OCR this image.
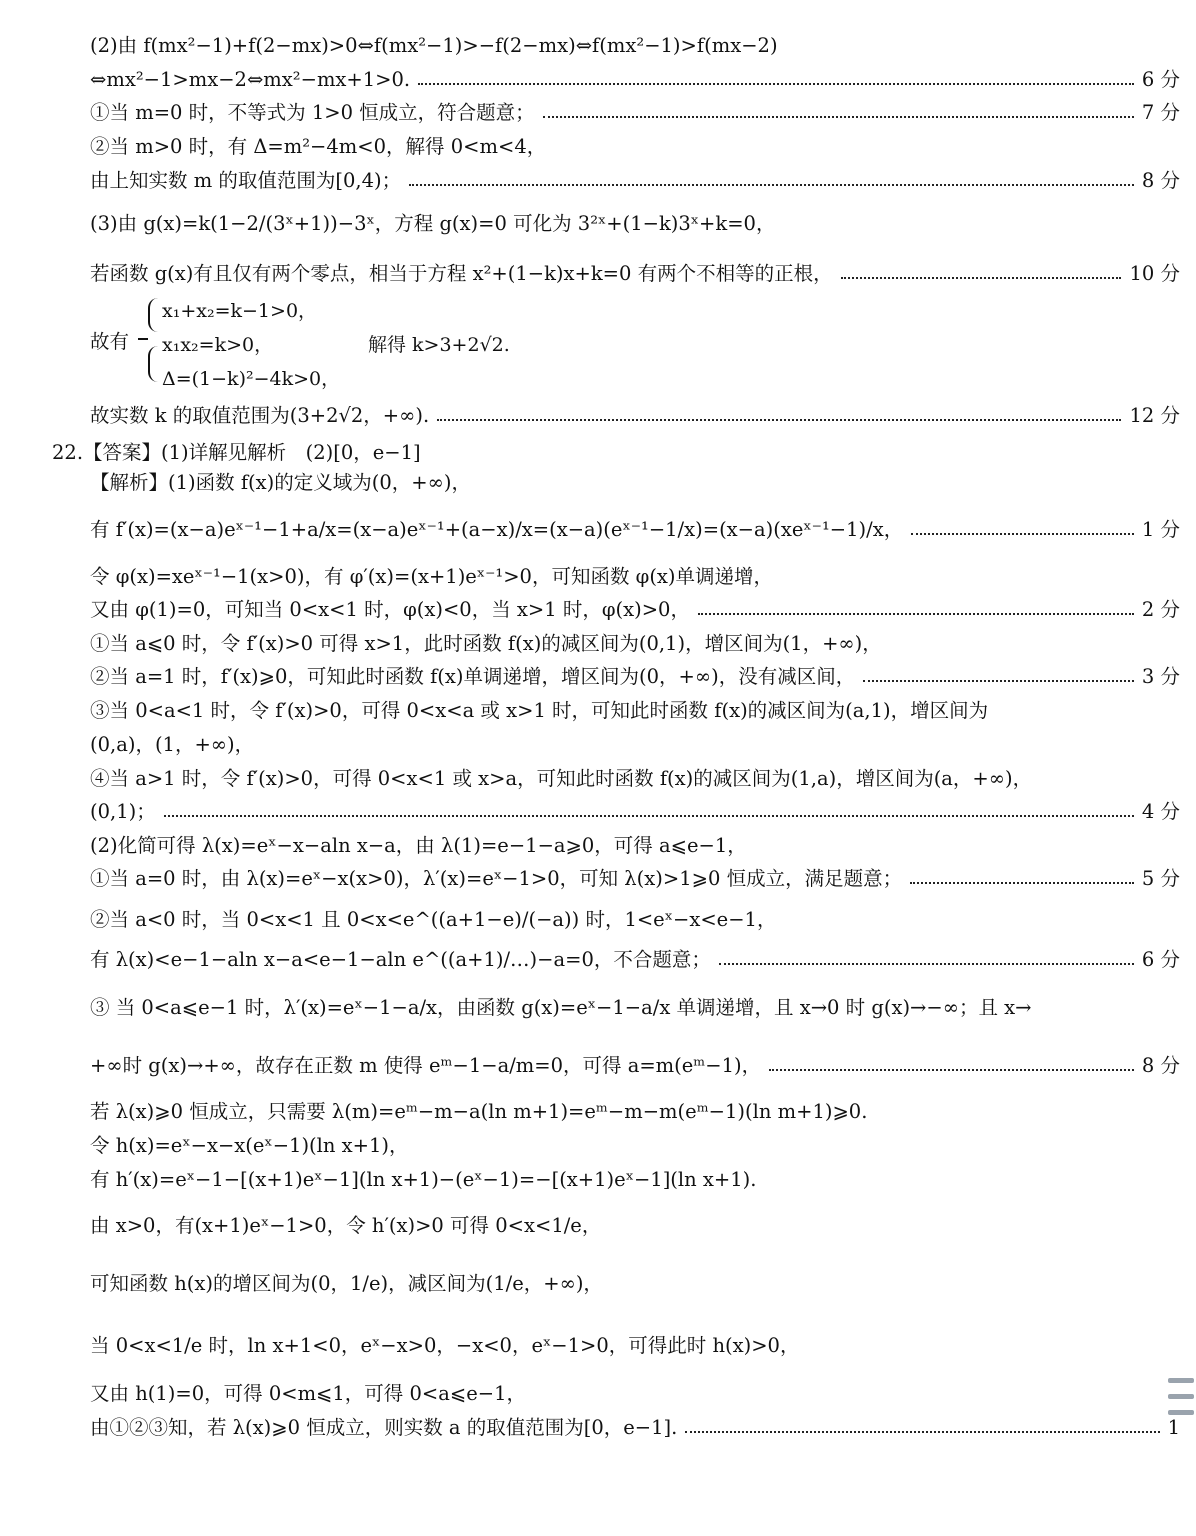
(2)由 f(mx²−1)+f(2−mx)>0⇔f(mx²−1)>−f(2−mx)⇔f(mx²−1)>f(mx−2)
⇔mx²−1>mx−2⇔mx²−mx+1>0.	6 分
①当 m=0 时，不等式为 1>0 恒成立，符合题意；	7 分
②当 m>0 时，有 Δ=m²−4m<0，解得 0<m<4，
由上知实数 m 的取值范围为[0,4)；	8 分
(3)由 g(x)=k(1−2/(3ˣ+1))−3ˣ，方程 g(x)=0 可化为 3²ˣ+(1−k)3ˣ+k=0，
若函数 g(x)有且仅有两个零点，相当于方程 x²+(1−k)x+k=0 有两个不相等的正根，	10 分
故有
x₁+x₂=k−1>0，
x₁x₂=k>0，
Δ=(1−k)²−4k>0，
解得 k>3+2√2.
故实数 k 的取值范围为(3+2√2，+∞).	12 分
22.【答案】(1)详解见解析　(2)[0，e−1]
【解析】(1)函数 f(x)的定义域为(0，+∞)，
有 f′(x)=(x−a)eˣ⁻¹−1+a/x=(x−a)eˣ⁻¹+(a−x)/x=(x−a)(eˣ⁻¹−1/x)=(x−a)(xeˣ⁻¹−1)/x，	1 分
令 φ(x)=xeˣ⁻¹−1(x>0)，有 φ′(x)=(x+1)eˣ⁻¹>0，可知函数 φ(x)单调递增，
又由 φ(1)=0，可知当 0<x<1 时，φ(x)<0，当 x>1 时，φ(x)>0，	2 分
①当 a⩽0 时，令 f′(x)>0 可得 x>1，此时函数 f(x)的减区间为(0,1)，增区间为(1，+∞)，
②当 a=1 时，f′(x)⩾0，可知此时函数 f(x)单调递增，增区间为(0，+∞)，没有减区间，	3 分
③当 0<a<1 时，令 f′(x)>0，可得 0<x<a 或 x>1 时，可知此时函数 f(x)的减区间为(a,1)，增区间为
(0,a)，(1，+∞)，
④当 a>1 时，令 f′(x)>0，可得 0<x<1 或 x>a，可知此时函数 f(x)的减区间为(1,a)，增区间为(a，+∞)，
(0,1)；	4 分
(2)化简可得 λ(x)=eˣ−x−aln x−a，由 λ(1)=e−1−a⩾0，可得 a⩽e−1，
①当 a=0 时，由 λ(x)=eˣ−x(x>0)，λ′(x)=eˣ−1>0，可知 λ(x)>1⩾0 恒成立，满足题意；	5 分
②当 a<0 时，当 0<x<1 且 0<x<e^((a+1−e)/(−a)) 时，1<eˣ−x<e−1，
有 λ(x)<e−1−aln x−a<e−1−aln e^((a+1)/…)−a=0，不合题意；	6 分
③ 当 0<a⩽e−1 时，λ′(x)=eˣ−1−a/x，由函数 g(x)=eˣ−1−a/x 单调递增，且 x→0 时 g(x)→−∞；且 x→
+∞时 g(x)→+∞，故存在正数 m 使得 eᵐ−1−a/m=0，可得 a=m(eᵐ−1)，	8 分
若 λ(x)⩾0 恒成立，只需要 λ(m)=eᵐ−m−a(ln m+1)=eᵐ−m−m(eᵐ−1)(ln m+1)⩾0.
令 h(x)=eˣ−x−x(eˣ−1)(ln x+1)，
有 h′(x)=eˣ−1−[(x+1)eˣ−1](ln x+1)−(eˣ−1)=−[(x+1)eˣ−1](ln x+1).
由 x>0，有(x+1)eˣ−1>0，令 h′(x)>0 可得 0<x<1/e，
可知函数 h(x)的增区间为(0，1/e)，减区间为(1/e，+∞)，
当 0<x<1/e 时，ln x+1<0，eˣ−x>0，−x<0，eˣ−1>0，可得此时 h(x)>0，
又由 h(1)=0，可得 0<m⩽1，可得 0<a⩽e−1，
由①②③知，若 λ(x)⩾0 恒成立，则实数 a 的取值范围为[0，e−1].	1
